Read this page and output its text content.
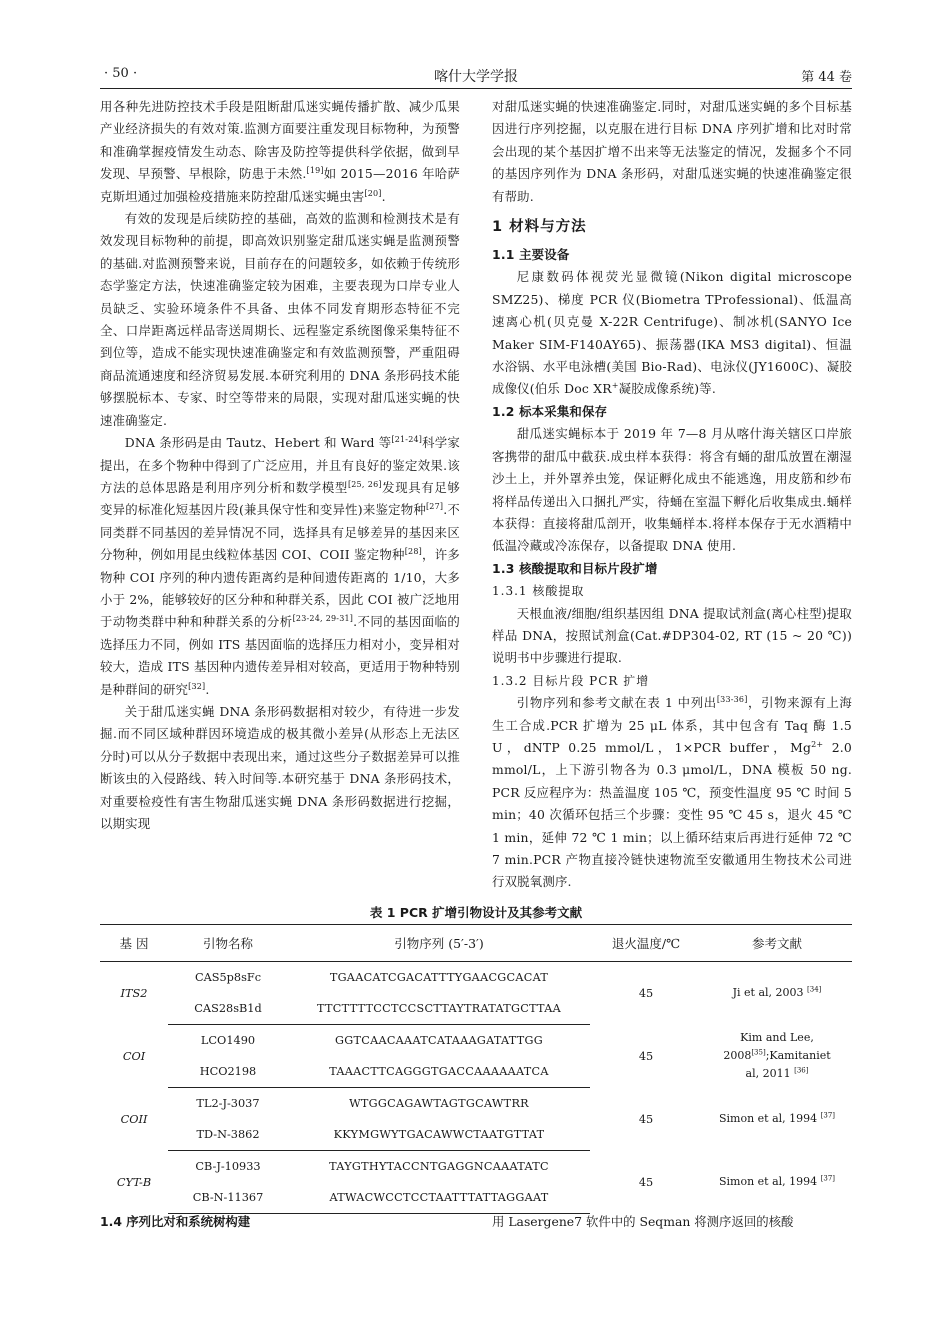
· 50 ·	喀什大学学报	第 44 卷

用各种先进防控技术手段是阻断甜瓜迷实蝇传播扩散、减少瓜果产业经济损失的有效对策.监测方面要注重发现目标物种，为预警和准确掌握疫情发生动态、除害及防控等提供科学依据，做到早发现、早预警、早根除，防患于未然.[19]如 2015—2016 年哈萨克斯坦通过加强检疫措施来防控甜瓜迷实蝇虫害[20].

有效的发现是后续防控的基础，高效的监测和检测技术是有效发现目标物种的前提，即高效识别鉴定甜瓜迷实蝇是监测预警的基础.对监测预警来说，目前存在的问题较多，如依赖于传统形态学鉴定方法，快速准确鉴定较为困难，主要表现为口岸专业人员缺乏、实验环境条件不具备、虫体不同发育期形态特征不完全、口岸距离远样品寄送周期长、远程鉴定系统图像采集特征不到位等，造成不能实现快速准确鉴定和有效监测预警，严重阻碍商品流通速度和经济贸易发展.本研究利用的 DNA 条形码技术能够摆脱标本、专家、时空等带来的局限，实现对甜瓜迷实蝇的快速准确鉴定.

DNA 条形码是由 Tautz、Hebert 和 Ward 等[21-24]科学家提出，在多个物种中得到了广泛应用，并且有良好的鉴定效果.该方法的总体思路是利用序列分析和数学模型[25, 26]发现具有足够变异的标准化短基因片段(兼具保守性和变异性)来鉴定物种[27].不同类群不同基因的差异情况不同，选择具有足够差异的基因来区分物种，例如用昆虫线粒体基因 COI、COII 鉴定物种[28]，许多物种 COI 序列的种内遗传距离约是种间遗传距离的 1/10，大多小于 2%，能够较好的区分种和种群关系，因此 COI 被广泛地用于动物类群中种和种群关系的分析[23-24, 29-31].不同的基因面临的选择压力不同，例如 ITS 基因面临的选择压力相对小，变异相对较大，造成 ITS 基因种内遗传差异相对较高，更适用于物种特别是种群间的研究[32].

关于甜瓜迷实蝇 DNA 条形码数据相对较少，有待进一步发掘.而不同区域种群因环境造成的极其微小差异(从形态上无法区分时)可以从分子数据中表现出来，通过这些分子数据差异可以推断该虫的入侵路线、转入时间等.本研究基于 DNA 条形码技术，对重要检疫性有害生物甜瓜迷实蝇 DNA 条形码数据进行挖掘，以期实现

对甜瓜迷实蝇的快速准确鉴定.同时，对甜瓜迷实蝇的多个目标基因进行序列挖掘，以克服在进行目标 DNA 序列扩增和比对时常会出现的某个基因扩增不出来等无法鉴定的情况，发掘多个不同的基因序列作为 DNA 条形码，对甜瓜迷实蝇的快速准确鉴定很有帮助.

1 材料与方法
1.1 主要设备

尼康数码体视荧光显微镜(Nikon digital microscope SMZ25)、梯度 PCR 仪(Biometra TProfessional)、低温高速离心机(贝克曼 X-22R Centrifuge)、制冰机(SANYO Ice Maker SIM-F140AY65)、振荡器(IKA MS3 digital)、恒温水浴锅、水平电泳槽(美国 Bio-Rad)、电泳仪(JY1600C)、凝胶成像仪(伯乐 Doc XR+凝胶成像系统)等.

1.2 标本采集和保存

甜瓜迷实蝇标本于 2019 年 7—8 月从喀什海关辖区口岸旅客携带的甜瓜中截获.成虫样本获得：将含有蛹的甜瓜放置在潮湿沙土上，并外罩养虫笼，保证孵化成虫不能逃逸，用皮筋和纱布将样品传递出入口捆扎严实，待蛹在室温下孵化后收集成虫.蛹样本获得：直接将甜瓜剖开，收集蛹样本.将样本保存于无水酒精中低温冷藏或冷冻保存，以备提取 DNA 使用.

1.3 核酸提取和目标片段扩增
1.3.1 核酸提取

天根血液/细胞/组织基因组 DNA 提取试剂盒(离心柱型)提取样品 DNA，按照试剂盒(Cat.#DP304-02, RT (15 ~ 20 ℃))说明书中步骤进行提取.

1.3.2 目标片段 PCR 扩增

引物序列和参考文献在表 1 中列出[33-36]，引物来源有上海生工合成.PCR 扩增为 25 μL 体系，其中包含有 Taq 酶 1.5 U，dNTP 0.25 mmol/L，1×PCR buffer，$Mg^{2+}$ 2.0 mmol/L，上下游引物各为 0.3 μmol/L，DNA 模板 50 ng. PCR 反应程序为：热盖温度 105 ℃，预变性温度 95 ℃ 时间 5 min；40 次循环包括三个步骤：变性 95 ℃ 45 s，退火 45 ℃ 1 min，延伸 72 ℃ 1 min；以上循环结束后再进行延伸 72 ℃ 7 min.PCR 产物直接冷链快速物流至安徽通用生物技术公司进行双脱氧测序.

表 1 PCR 扩增引物设计及其参考文献
基 因	引物名称	引物序列 (5′-3′)	退火温度/℃	参考文献
ITS2	CAS5p8sFc	TGAACATCGACATTTYGAACGCACAT	45	Ji et al, 2003 [34]
	CAS28sB1d	TTCTTTTCCTCCSCTTAYTRATATGCTTAA		
COI	LCO1490	GGTCAACAAATCATAAAGATATTGG	45	Kim and Lee,
2008[35];Kamitaniet
al, 2011 [36]
	HCO2198	TAAACTTCAGGGTGACCAAAAAATCA		
COII	TL2-J-3037	WTGGCAGAWTAGTGCAWTRR	45	Simon et al, 1994 [37]
	TD-N-3862	KKYMGWYTGACAWWCTAATGTTAT		
CYT-B	CB-J-10933	TAYGTHYTACCNTGAGGNCAAATATC	45	Simon et al, 1994 [37]
	CB-N-11367	ATWACWCCTCCTAATTTATTAGGAAT		
1.4 序列比对和系统树构建	用 Lasergene7 软件中的 Seqman 将测序返回的核酸
